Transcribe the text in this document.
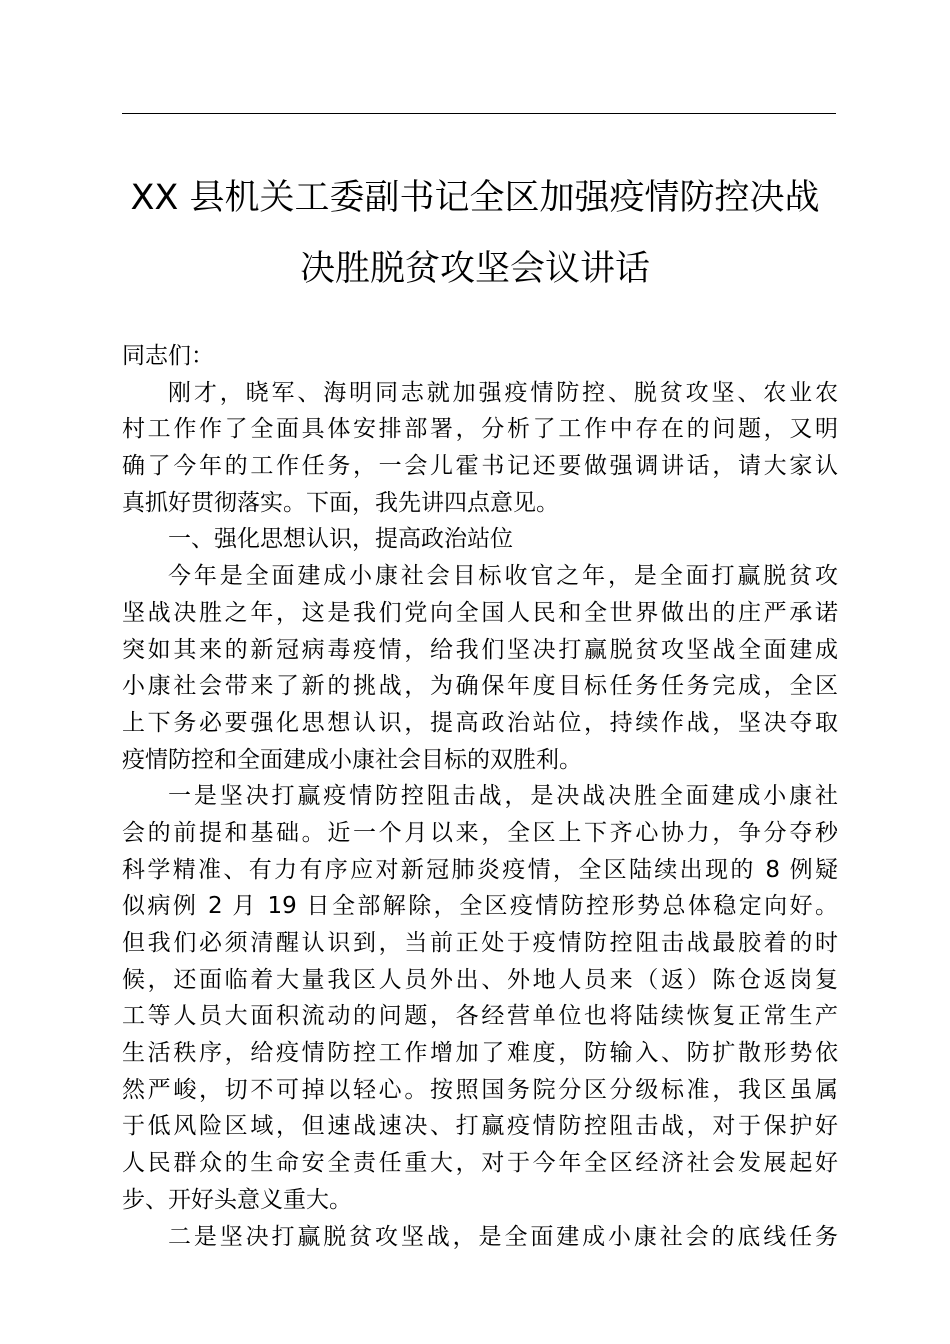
XX 县机关工委副书记全区加强疫情防控决战
决胜脱贫攻坚会议讲话
同志们：
刚才，晓军、海明同志就加强疫情防控、脱贫攻坚、农业农
村工作作了全面具体安排部署，分析了工作中存在的问题，又明
确了今年的工作任务，一会儿霍书记还要做强调讲话，请大家认
真抓好贯彻落实。下面，我先讲四点意见。
一、强化思想认识，提高政治站位
今年是全面建成小康社会目标收官之年，是全面打赢脱贫攻
坚战决胜之年，这是我们党向全国人民和全世界做出的庄严承诺
突如其来的新冠病毒疫情，给我们坚决打赢脱贫攻坚战全面建成
小康社会带来了新的挑战，为确保年度目标任务任务完成，全区
上下务必要强化思想认识，提高政治站位，持续作战，坚决夺取
疫情防控和全面建成小康社会目标的双胜利。
一是坚决打赢疫情防控阻击战，是决战决胜全面建成小康社
会的前提和基础。近一个月以来，全区上下齐心协力，争分夺秒
科学精准、有力有序应对新冠肺炎疫情，全区陆续出现的 8 例疑
似病例 2 月 19 日全部解除，全区疫情防控形势总体稳定向好。
但我们必须清醒认识到，当前正处于疫情防控阻击战最胶着的时
候，还面临着大量我区人员外出、外地人员来（返）陈仓返岗复
工等人员大面积流动的问题，各经营单位也将陆续恢复正常生产
生活秩序，给疫情防控工作增加了难度，防输入、防扩散形势依
然严峻，切不可掉以轻心。按照国务院分区分级标准，我区虽属
于低风险区域，但速战速决、打赢疫情防控阻击战，对于保护好
人民群众的生命安全责任重大，对于今年全区经济社会发展起好
步、开好头意义重大。
二是坚决打赢脱贫攻坚战，是全面建成小康社会的底线任务
